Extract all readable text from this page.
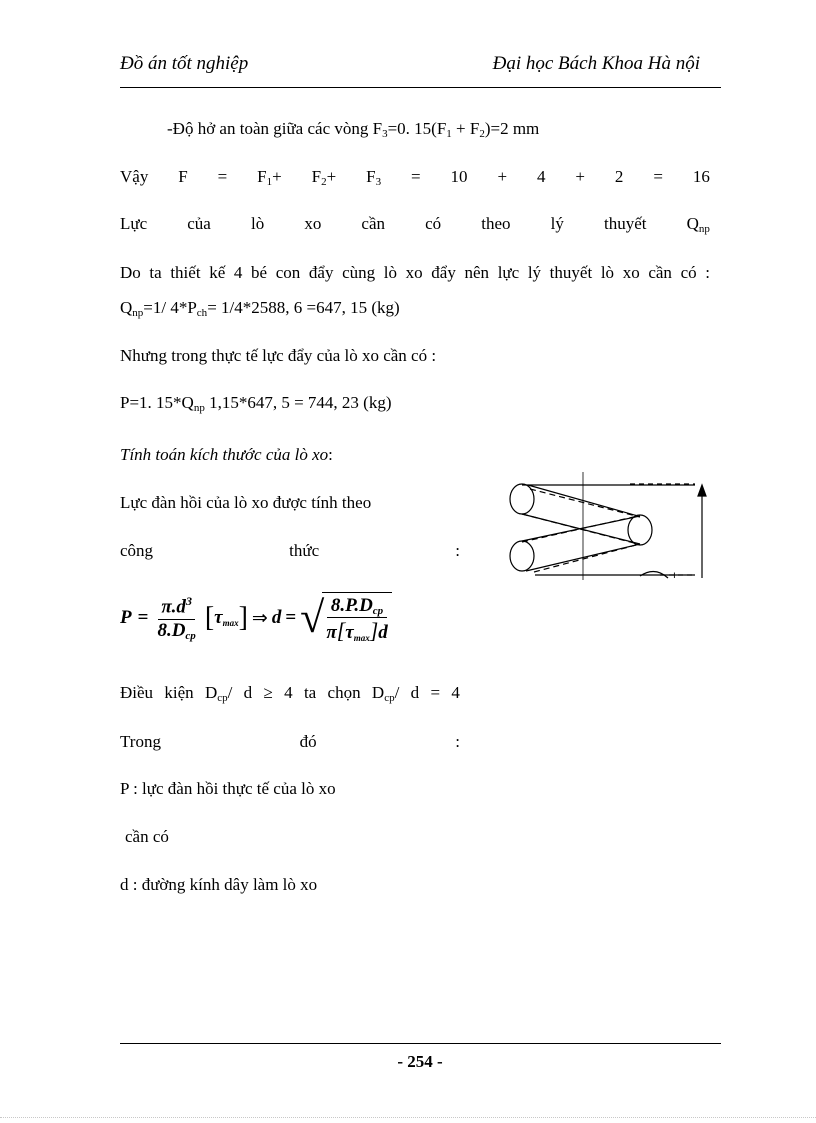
Đồ án tốt nghiệp	Đại học Bách Khoa Hà nội
-Độ hở an toàn giữa các vòng $F_3=0$. $15(F_1 + F_2)=2$ mm
Vậy $F = F_1+ F_2+ F_3 = 10 + 4 + 2 = 16$
Lực của lò xo cần có theo lý thuyết $Q_{np}$
Do ta thiết kế 4 bé con đẩy cùng lò xo đẩy nên lực lý thuyết lò xo cần có :
$Q_{np}=1/$ $4*P_{ch}= 1/4*2588$, 6 =647, 15 (kg)
Nhưng trong thực tế lực đẩy của lò xo cần có :
P=1. $15*Q_{np}$ 1,15*647, 5 = 744, 23 (kg)
Tính toán kích thước của lò xo:
Lực đàn hồi của lò xo được tính theo
công	thức	:
ı
$P = \pi.d^3$
$8.D_{cp}$
[ $\tau_{max}$ ] ⇒ d = √ $8.P.D_{cp}$
$\pi[\tau_{max}]d$
Điều kiện $D_{cp}/$ d ≥ 4 ta chọn $D_{cp}/$ d = 4
Trong	đó	:
P : lực đàn hồi thực tế của lò xo
cần có
d : đường kính dây làm lò xo
- 254 -
